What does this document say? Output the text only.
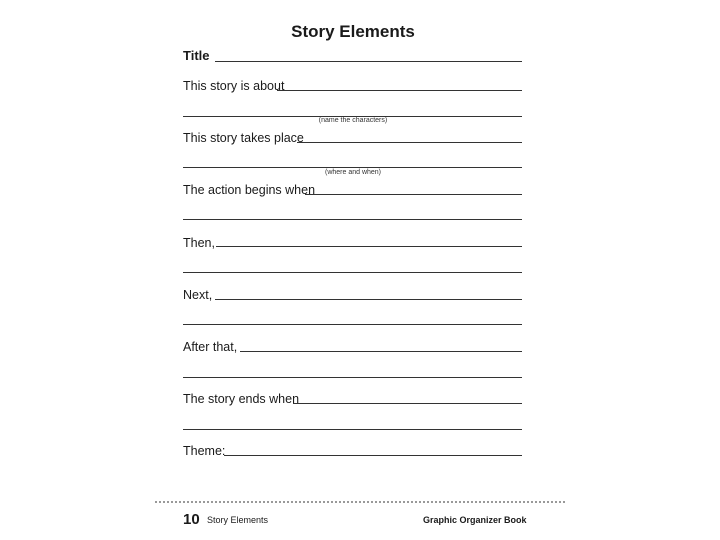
Story Elements
Title
This story is about
(name the characters)
This story takes place
(where and when)
The action begins when
Then,
Next,
After that,
The story ends when
Theme:
10 Story Elements	Graphic Organizer Book
